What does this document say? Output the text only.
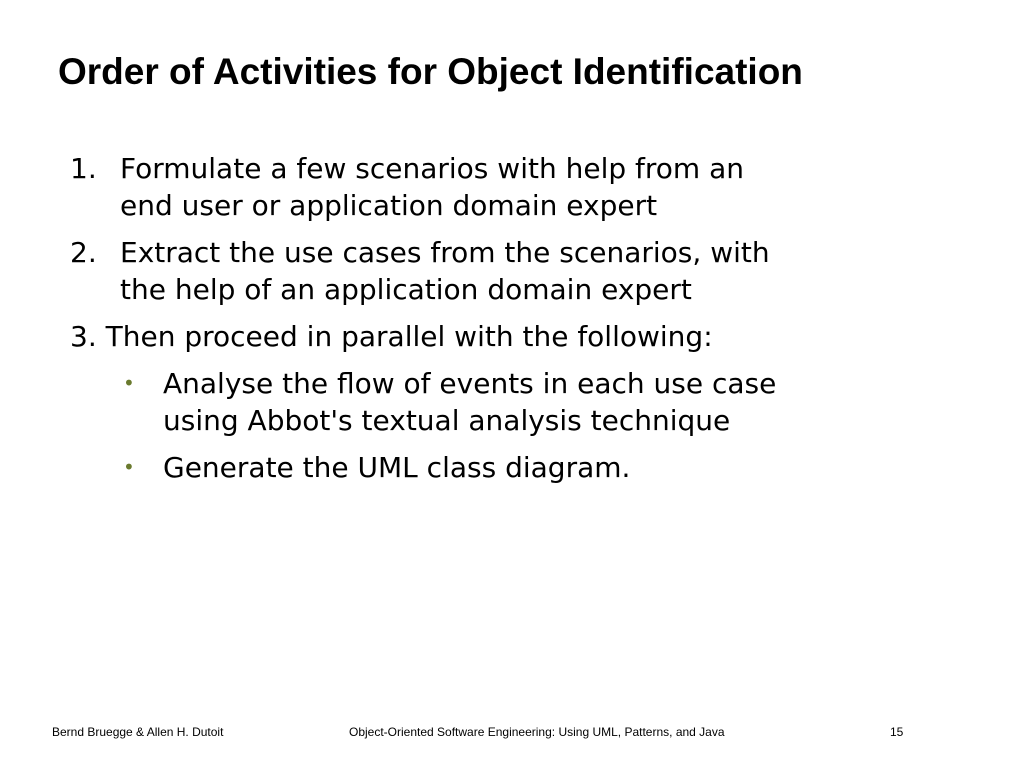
Order of Activities for Object Identification
1. Formulate a few scenarios with help from an
end user or application domain expert
2. Extract the use cases from the scenarios, with
the help of an application domain expert
3. Then proceed in parallel with the following:
• Analyse the flow of events in each use case
using Abbot's textual analysis technique
• Generate the UML class diagram.
Bernd Bruegge & Allen H. Dutoit	Object-Oriented Software Engineering: Using UML, Patterns, and Java	15
